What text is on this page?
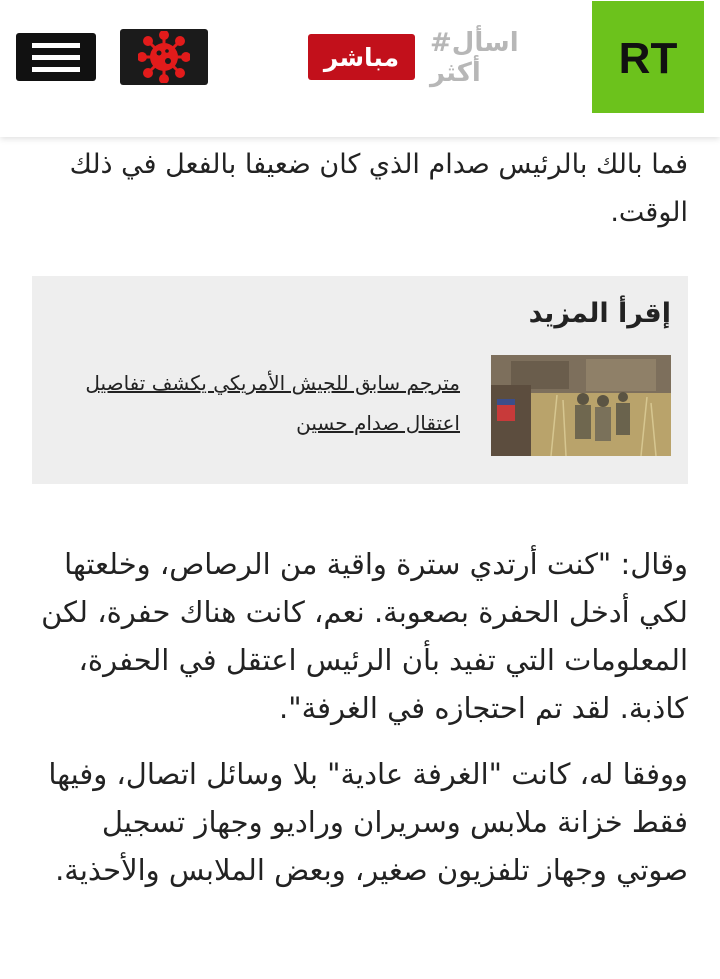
مباشر	#اسأل أكثر	RT

فما بالك بالرئيس صدام الذي كان ضعيفا بالفعل في ذلك الوقت.

إقرأ المزيد
مترجم سابق للجيش الأمريكي يكشف تفاصيل اعتقال صدام حسين

وقال: "كنت أرتدي سترة واقية من الرصاص، وخلعتها لكي أدخل الحفرة بصعوبة. نعم، كانت هناك حفرة، لكن المعلومات التي تفيد بأن الرئيس اعتقل في الحفرة، كاذبة. لقد تم احتجازه في الغرفة".

ووفقا له، كانت "الغرفة عادية" بلا وسائل اتصال، وفيها فقط خزانة ملابس وسريران وراديو وجهاز تسجيل صوتي وجهاز تلفزيون صغير، وبعض الملابس والأحذية.
